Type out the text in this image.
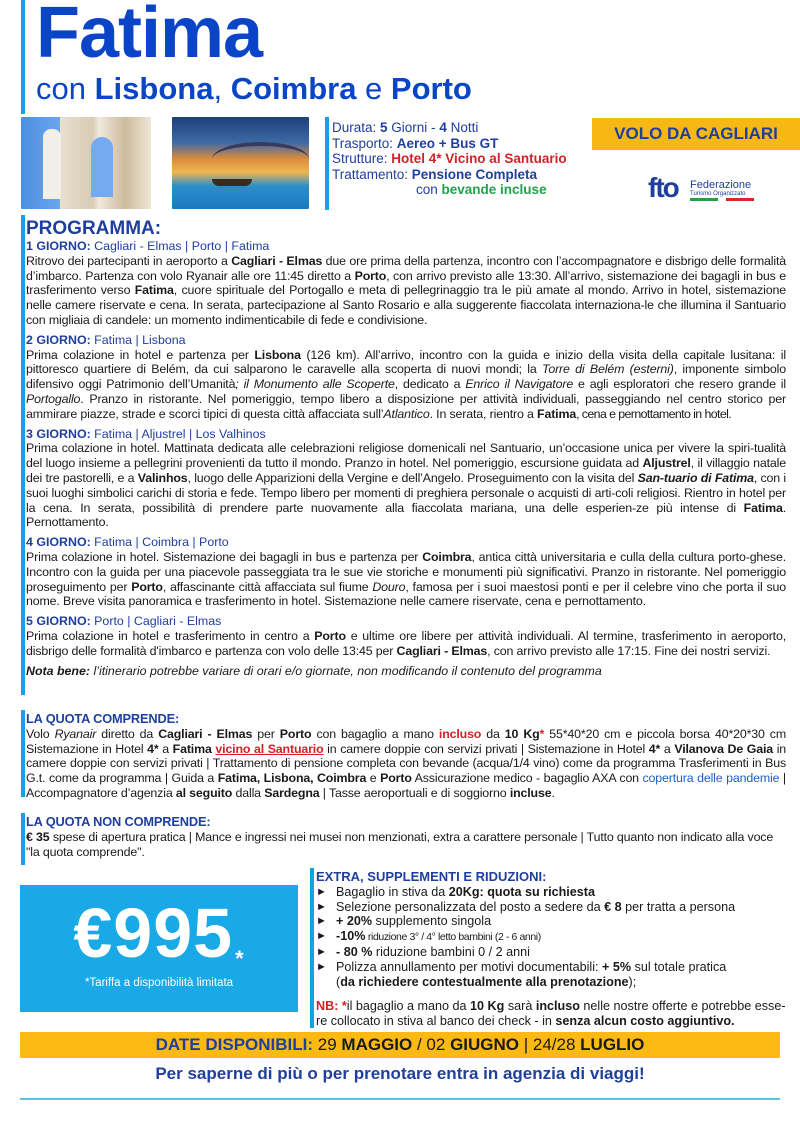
Fatima
con Lisbona, Coimbra e Porto
Durata: 5 Giorni - 4 Notti
Trasporto: Aereo + Bus GT
Strutture: Hotel 4* Vicino al Santuario
Trattamento: Pensione Completa
con bevande incluse
VOLO DA CAGLIARI
fto Federazione
Turismo Organizzato
PROGRAMMA:
1 GIORNO: Cagliari - Elmas | Porto | Fatima
Ritrovo dei partecipanti in aeroporto a Cagliari - Elmas due ore prima della partenza, incontro con l’accompagnatore e disbrigo delle formalità d’imbarco. Partenza con volo Ryanair alle ore 11:45 diretto a Porto, con arrivo previsto alle 13:30. All’arrivo, sistemazione dei bagagli in bus e trasferimento verso Fatima, cuore spirituale del Portogallo e meta di pellegrinaggio tra le più amate al mondo. Arrivo in hotel, sistemazione nelle camere riservate e cena. In serata, partecipazione al Santo Rosario e alla suggerente fiaccolata internaziona-le che illumina il Santuario con migliaia di candele: un momento indimenticabile di fede e condivisione.
2 GIORNO: Fatima | Lisbona
Prima colazione in hotel e partenza per Lisbona (126 km). All’arrivo, incontro con la guida e inizio della visita della capitale lusitana: il pittoresco quartiere di Belém, da cui salparono le caravelle alla scoperta di nuovi mondi; la Torre di Belém (esterni), imponente simbolo difensivo oggi Patrimonio dell’Umanità; il Monumento alle Scoperte, dedicato a Enrico il Navigatore e agli esploratori che resero grande il Portogallo. Pranzo in ristorante. Nel pomeriggio, tempo libero a disposizione per attività individuali, passeggiando nel centro storico per ammirare piazze, strade e scorci tipici di questa città affacciata sull’Atlantico. In serata, rientro a Fatima, cena e pernottamento in hotel.
3 GIORNO: Fatima | Aljustrel | Los Valhinos
Prima colazione in hotel. Mattinata dedicata alle celebrazioni religiose domenicali nel Santuario, un’occasione unica per vivere la spiri-tualità del luogo insieme a pellegrini provenienti da tutto il mondo. Pranzo in hotel. Nel pomeriggio, escursione guidata ad Aljustrel, il villaggio natale dei tre pastorelli, e a Valinhos, luogo delle Apparizioni della Vergine e dell’Angelo. Proseguimento con la visita del San-tuario di Fatima, con i suoi luoghi simbolici carichi di storia e fede. Tempo libero per momenti di preghiera personale o acquisti di arti-coli religiosi. Rientro in hotel per la cena. In serata, possibilità di prendere parte nuovamente alla fiaccolata mariana, una delle esperien-ze più intense di Fatima. Pernottamento.
4 GIORNO: Fatima | Coimbra | Porto
Prima colazione in hotel. Sistemazione dei bagagli in bus e partenza per Coimbra, antica città universitaria e culla della cultura porto-ghese. Incontro con la guida per una piacevole passeggiata tra le sue vie storiche e monumenti più significativi. Pranzo in ristorante. Nel pomeriggio proseguimento per Porto, affascinante città affacciata sul fiume Douro, famosa per i suoi maestosi ponti e per il celebre vino che porta il suo nome. Breve visita panoramica e trasferimento in hotel. Sistemazione nelle camere riservate, cena e pernottamento.
5 GIORNO: Porto | Cagliari - Elmas
Prima colazione in hotel e trasferimento in centro a Porto e ultime ore libere per attività individuali. Al termine, trasferimento in aeroporto, disbrigo delle formalità d'imbarco e partenza con volo delle 13:45 per Cagliari - Elmas, con arrivo previsto alle 17:15. Fine dei nostri servizi.
Nota bene: l’itinerario potrebbe variare di orari e/o giornate, non modificando il contenuto del programma
LA QUOTA COMPRENDE:
Volo Ryanair diretto da Cagliari - Elmas per Porto con bagaglio a mano incluso da 10 Kg* 55*40*20 cm e piccola borsa 40*20*30 cm Sistemazione in Hotel 4* a Fatima vicino al Santuario in camere doppie con servizi privati | Sistemazione in Hotel 4* a Vilanova De Gaia in camere doppie con servizi privati | Trattamento di pensione completa con bevande (acqua/1/4 vino) come da programma Trasferimenti in Bus G.t. come da programma | Guida a Fatima, Lisbona, Coimbra e Porto Assicurazione medico - bagaglio AXA con copertura delle pandemie | Accompagnatore d’agenzia al seguito dalla Sardegna | Tasse aeroportuali e di soggiorno incluse.
LA QUOTA NON COMPRENDE:
€ 35 spese di apertura pratica | Mance e ingressi nei musei non menzionati, extra a carattere personale | Tutto quanto non indicato alla voce "la quota comprende".
€995*
*Tariffa a disponibilità limitata
EXTRA, SUPPLEMENTI E RIDUZIONI:
► Bagaglio in stiva da 20Kg: quota su richiesta
► Selezione personalizzata del posto a sedere da € 8 per tratta a persona
► + 20% supplemento singola
► -10% riduzione 3° / 4° letto bambini (2 - 6 anni)
► - 80 % riduzione bambini 0 / 2 anni
► Polizza annullamento per motivi documentabili: + 5% sul totale pratica
(da richiedere contestualmente alla prenotazione);
NB: *il bagaglio a mano da 10 Kg sarà incluso nelle nostre offerte e potrebbe esse-re collocato in stiva al banco dei check - in senza alcun costo aggiuntivo.
DATE DISPONIBILI: 29 MAGGIO / 02 GIUGNO | 24/28 LUGLIO
Per saperne di più o per prenotare entra in agenzia di viaggi!
